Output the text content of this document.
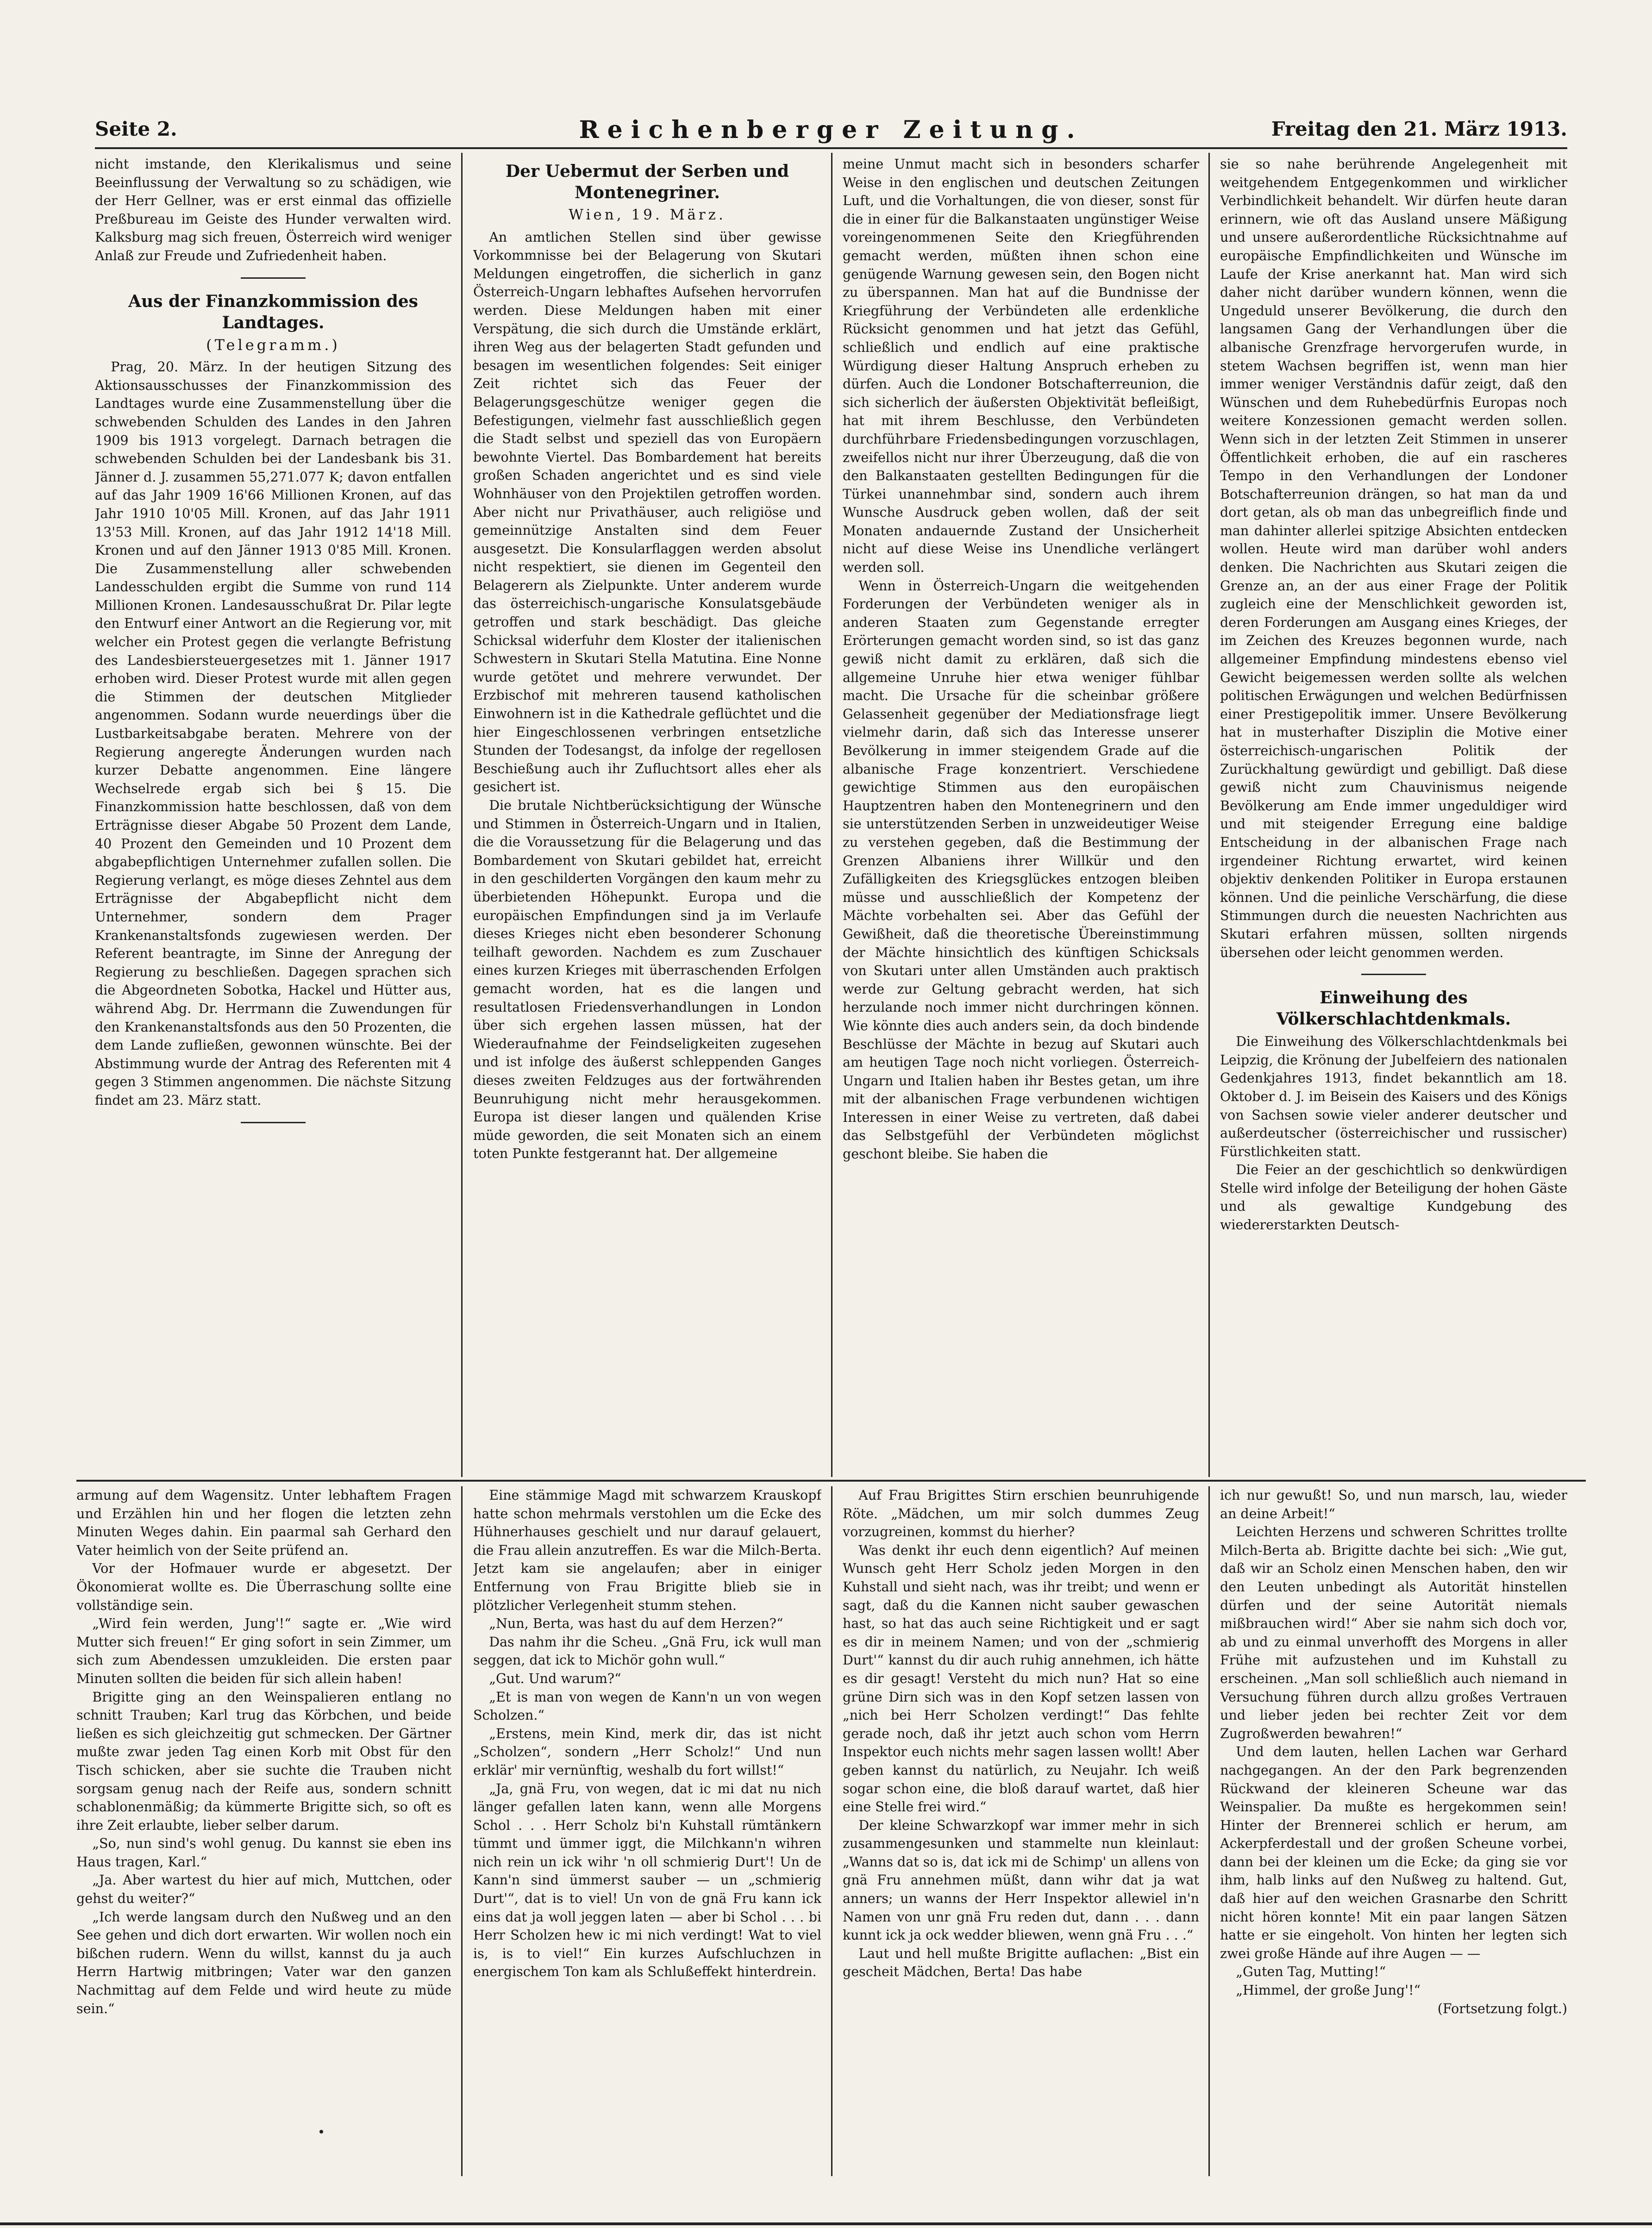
Seite 2.	Reichenberger Zeitung.	Freitag den 21. März 1913.

nicht imstande, den Klerikalismus und seine Beeinflussung der Verwaltung so zu schädigen, wie der Herr Gellner, was er erst einmal das offizielle Preßbureau im Geiste des Hunder verwalten wird. Kalksburg mag sich freuen, Österreich wird weniger Anlaß zur Freude und Zufriedenheit haben.

Aus der Finanzkommission des Landtages.
(Telegramm.)

Prag, 20. März. In der heutigen Sitzung des Aktionsausschusses der Finanzkommission des Landtages wurde eine Zusammenstellung über die schwebenden Schulden des Landes in den Jahren 1909 bis 1913 vorgelegt. Darnach betragen die schwebenden Schulden bei der Landesbank bis 31. Jänner d. J. zusammen 55,271.077 K; davon entfallen auf das Jahr 1909 16'66 Millionen Kronen, auf das Jahr 1910 10'05 Mill. Kronen, auf das Jahr 1911 13'53 Mill. Kronen, auf das Jahr 1912 14'18 Mill. Kronen und auf den Jänner 1913 0'85 Mill. Kronen. Die Zusammenstellung aller schwebenden Landesschulden ergibt die Summe von rund 114 Millionen Kronen. Landesausschußrat Dr. Pilar legte den Entwurf einer Antwort an die Regierung vor, mit welcher ein Protest gegen die verlangte Befristung des Landesbiersteuergesetzes mit 1. Jänner 1917 erhoben wird. Dieser Protest wurde mit allen gegen die Stimmen der deutschen Mitglieder angenommen. Sodann wurde neuerdings über die Lustbarkeitsabgabe beraten. Mehrere von der Regierung angeregte Änderungen wurden nach kurzer Debatte angenommen. Eine längere Wechselrede ergab sich bei § 15. Die Finanzkommission hatte beschlossen, daß von dem Erträgnisse dieser Abgabe 50 Prozent dem Lande, 40 Prozent den Gemeinden und 10 Prozent dem abgabepflichtigen Unternehmer zufallen sollen. Die Regierung verlangt, es möge dieses Zehntel aus dem Erträgnisse der Abgabepflicht nicht dem Unternehmer, sondern dem Prager Krankenanstaltsfonds zugewiesen werden. Der Referent beantragte, im Sinne der Anregung der Regierung zu beschließen. Dagegen sprachen sich die Abgeordneten Sobotka, Hackel und Hütter aus, während Abg. Dr. Herrmann die Zuwendungen für den Krankenanstaltsfonds aus den 50 Prozenten, die dem Lande zufließen, gewonnen wünschte. Bei der Abstimmung wurde der Antrag des Referenten mit 4 gegen 3 Stimmen angenommen. Die nächste Sitzung findet am 23. März statt.

Der Uebermut der Serben und Montenegriner.
Wien, 19. März.

An amtlichen Stellen sind über gewisse Vorkommnisse bei der Belagerung von Skutari Meldungen eingetroffen, die sicherlich in ganz Österreich-Ungarn lebhaftes Aufsehen hervorrufen werden. Diese Meldungen haben mit einer Verspätung, die sich durch die Umstände erklärt, ihren Weg aus der belagerten Stadt gefunden und besagen im wesentlichen folgendes: Seit einiger Zeit richtet sich das Feuer der Belagerungsgeschütze weniger gegen die Befestigungen, vielmehr fast ausschließlich gegen die Stadt selbst und speziell das von Europäern bewohnte Viertel. Das Bombardement hat bereits großen Schaden angerichtet und es sind viele Wohnhäuser von den Projektilen getroffen worden. Aber nicht nur Privathäuser, auch religiöse und gemeinnützige Anstalten sind dem Feuer ausgesetzt. Die Konsularflaggen werden absolut nicht respektiert, sie dienen im Gegenteil den Belagerern als Zielpunkte. Unter anderem wurde das österreichisch-ungarische Konsulatsgebäude getroffen und stark beschädigt. Das gleiche Schicksal widerfuhr dem Kloster der italienischen Schwestern in Skutari Stella Matutina. Eine Nonne wurde getötet und mehrere verwundet. Der Erzbischof mit mehreren tausend katholischen Einwohnern ist in die Kathedrale geflüchtet und die hier Eingeschlossenen verbringen entsetzliche Stunden der Todesangst, da infolge der regellosen Beschießung auch ihr Zufluchtsort alles eher als gesichert ist.

Die brutale Nichtberücksichtigung der Wünsche und Stimmen in Österreich-Ungarn und in Italien, die die Voraussetzung für die Belagerung und das Bombardement von Skutari gebildet hat, erreicht in den geschilderten Vorgängen den kaum mehr zu überbietenden Höhepunkt. Europa und die europäischen Empfindungen sind ja im Verlaufe dieses Krieges nicht eben besonderer Schonung teilhaft geworden. Nachdem es zum Zuschauer eines kurzen Krieges mit überraschenden Erfolgen gemacht worden, hat es die langen und resultatlosen Friedensverhandlungen in London über sich ergehen lassen müssen, hat der Wiederaufnahme der Feindseligkeiten zugesehen und ist infolge des äußerst schleppenden Ganges dieses zweiten Feldzuges aus der fortwährenden Beunruhigung nicht mehr herausgekommen. Europa ist dieser langen und quälenden Krise müde geworden, die seit Monaten sich an einem toten Punkte festgerannt hat. Der allgemeine

meine Unmut macht sich in besonders scharfer Weise in den englischen und deutschen Zeitungen Luft, und die Vorhaltungen, die von dieser, sonst für die in einer für die Balkanstaaten ungünstiger Weise voreingenommenen Seite den Kriegführenden gemacht werden, müßten ihnen schon eine genügende Warnung gewesen sein, den Bogen nicht zu überspannen. Man hat auf die Bundnisse der Kriegführung der Verbündeten alle erdenkliche Rücksicht genommen und hat jetzt das Gefühl, schließlich und endlich auf eine praktische Würdigung dieser Haltung Anspruch erheben zu dürfen. Auch die Londoner Botschafterreunion, die sich sicherlich der äußersten Objektivität befleißigt, hat mit ihrem Beschlusse, den Verbündeten durchführbare Friedensbedingungen vorzuschlagen, zweifellos nicht nur ihrer Überzeugung, daß die von den Balkanstaaten gestellten Bedingungen für die Türkei unannehmbar sind, sondern auch ihrem Wunsche Ausdruck geben wollen, daß der seit Monaten andauernde Zustand der Unsicherheit nicht auf diese Weise ins Unendliche verlängert werden soll.

Wenn in Österreich-Ungarn die weitgehenden Forderungen der Verbündeten weniger als in anderen Staaten zum Gegenstande erregter Erörterungen gemacht worden sind, so ist das ganz gewiß nicht damit zu erklären, daß sich die allgemeine Unruhe hier etwa weniger fühlbar macht. Die Ursache für die scheinbar größere Gelassenheit gegenüber der Mediationsfrage liegt vielmehr darin, daß sich das Interesse unserer Bevölkerung in immer steigendem Grade auf die albanische Frage konzentriert. Verschiedene gewichtige Stimmen aus den europäischen Hauptzentren haben den Montenegrinern und den sie unterstützenden Serben in unzweideutiger Weise zu verstehen gegeben, daß die Bestimmung der Grenzen Albaniens ihrer Willkür und den Zufälligkeiten des Kriegsglückes entzogen bleiben müsse und ausschließlich der Kompetenz der Mächte vorbehalten sei. Aber das Gefühl der Gewißheit, daß die theoretische Übereinstimmung der Mächte hinsichtlich des künftigen Schicksals von Skutari unter allen Umständen auch praktisch werde zur Geltung gebracht werden, hat sich herzulande noch immer nicht durchringen können. Wie könnte dies auch anders sein, da doch bindende Beschlüsse der Mächte in bezug auf Skutari auch am heutigen Tage noch nicht vorliegen. Österreich-Ungarn und Italien haben ihr Bestes getan, um ihre mit der albanischen Frage verbundenen wichtigen Interessen in einer Weise zu vertreten, daß dabei das Selbstgefühl der Verbündeten möglichst geschont bleibe. Sie haben die

sie so nahe berührende Angelegenheit mit weitgehendem Entgegenkommen und wirklicher Verbindlichkeit behandelt. Wir dürfen heute daran erinnern, wie oft das Ausland unsere Mäßigung und unsere außerordentliche Rücksichtnahme auf europäische Empfindlichkeiten und Wünsche im Laufe der Krise anerkannt hat. Man wird sich daher nicht darüber wundern können, wenn die Ungeduld unserer Bevölkerung, die durch den langsamen Gang der Verhandlungen über die albanische Grenzfrage hervorgerufen wurde, in stetem Wachsen begriffen ist, wenn man hier immer weniger Verständnis dafür zeigt, daß den Wünschen und dem Ruhebedürfnis Europas noch weitere Konzessionen gemacht werden sollen. Wenn sich in der letzten Zeit Stimmen in unserer Öffentlichkeit erhoben, die auf ein rascheres Tempo in den Verhandlungen der Londoner Botschafterreunion drängen, so hat man da und dort getan, als ob man das unbegreiflich finde und man dahinter allerlei spitzige Absichten entdecken wollen. Heute wird man darüber wohl anders denken. Die Nachrichten aus Skutari zeigen die Grenze an, an der aus einer Frage der Politik zugleich eine der Menschlichkeit geworden ist, deren Forderungen am Ausgang eines Krieges, der im Zeichen des Kreuzes begonnen wurde, nach allgemeiner Empfindung mindestens ebenso viel Gewicht beigemessen werden sollte als welchen politischen Erwägungen und welchen Bedürfnissen einer Prestigepolitik immer. Unsere Bevölkerung hat in musterhafter Disziplin die Motive einer österreichisch-ungarischen Politik der Zurückhaltung gewürdigt und gebilligt. Daß diese gewiß nicht zum Chauvinismus neigende Bevölkerung am Ende immer ungeduldiger wird und mit steigender Erregung eine baldige Entscheidung in der albanischen Frage nach irgendeiner Richtung erwartet, wird keinen objektiv denkenden Politiker in Europa erstaunen können. Und die peinliche Verschärfung, die diese Stimmungen durch die neuesten Nachrichten aus Skutari erfahren müssen, sollten nirgends übersehen oder leicht genommen werden.

Einweihung des Völkerschlachtdenkmals.

Die Einweihung des Völkerschlachtdenkmals bei Leipzig, die Krönung der Jubelfeiern des nationalen Gedenkjahres 1913, findet bekanntlich am 18. Oktober d. J. im Beisein des Kaisers und des Königs von Sachsen sowie vieler anderer deutscher und außerdeutscher (österreichischer und russischer) Fürstlichkeiten statt.

Die Feier an der geschichtlich so denkwürdigen Stelle wird infolge der Beteiligung der hohen Gäste und als gewaltige Kundgebung des wiedererstarkten Deutsch-

armung auf dem Wagensitz. Unter lebhaftem Fragen und Erzählen hin und her flogen die letzten zehn Minuten Weges dahin. Ein paarmal sah Gerhard den Vater heimlich von der Seite prüfend an.

Vor der Hofmauer wurde er abgesetzt. Der Ökonomierat wollte es. Die Überraschung sollte eine vollständige sein.

„Wird fein werden, Jung'!“ sagte er. „Wie wird Mutter sich freuen!“ Er ging sofort in sein Zimmer, um sich zum Abendessen umzukleiden. Die ersten paar Minuten sollten die beiden für sich allein haben!

Brigitte ging an den Weinspalieren entlang no schnitt Trauben; Karl trug das Körbchen, und beide ließen es sich gleichzeitig gut schmecken. Der Gärtner mußte zwar jeden Tag einen Korb mit Obst für den Tisch schicken, aber sie suchte die Trauben nicht sorgsam genug nach der Reife aus, sondern schnitt schablonenmäßig; da kümmerte Brigitte sich, so oft es ihre Zeit erlaubte, lieber selber darum.

„So, nun sind's wohl genug. Du kannst sie eben ins Haus tragen, Karl.“

„Ja. Aber wartest du hier auf mich, Muttchen, oder gehst du weiter?“

„Ich werde langsam durch den Nußweg und an den See gehen und dich dort erwarten. Wir wollen noch ein bißchen rudern. Wenn du willst, kannst du ja auch Herrn Hartwig mitbringen; Vater war den ganzen Nachmittag auf dem Felde und wird heute zu müde sein.“

Eine stämmige Magd mit schwarzem Krauskopf hatte schon mehrmals verstohlen um die Ecke des Hühnerhauses geschielt und nur darauf gelauert, die Frau allein anzutreffen. Es war die Milch-Berta. Jetzt kam sie angelaufen; aber in einiger Entfernung von Frau Brigitte blieb sie in plötzlicher Verlegenheit stumm stehen.

„Nun, Berta, was hast du auf dem Herzen?“

Das nahm ihr die Scheu. „Gnä Fru, ick wull man seggen, dat ick to Michör gohn wull.“

„Gut. Und warum?“

„Et is man von wegen de Kann'n un von wegen Scholzen.“

„Erstens, mein Kind, merk dir, das ist nicht „Scholzen“, sondern „Herr Scholz!“ Und nun erklär' mir vernünftig, weshalb du fort willst!“

„Ja, gnä Fru, von wegen, dat ic mi dat nu nich länger gefallen laten kann, wenn alle Morgens Schol . . . Herr Scholz bi'n Kuhstall rümtänkern tümmt und ümmer iggt, die Milchkann'n wihren nich rein un ick wihr 'n oll schmierig Durt'! Un de Kann'n sind ümmerst sauber — un „schmierig Durt'“, dat is to viel! Un von de gnä Fru kann ick eins dat ja woll jeggen laten — aber bi Schol . . . bi Herr Scholzen hew ic mi nich verdingt! Wat to viel is, is to viel!“ Ein kurzes Aufschluchzen in energischem Ton kam als Schlußeffekt hinterdrein.

Auf Frau Brigittes Stirn erschien beunruhigende Röte. „Mädchen, um mir solch dummes Zeug vorzugreinen, kommst du hierher?

Was denkt ihr euch denn eigentlich? Auf meinen Wunsch geht Herr Scholz jeden Morgen in den Kuhstall und sieht nach, was ihr treibt; und wenn er sagt, daß du die Kannen nicht sauber gewaschen hast, so hat das auch seine Richtigkeit und er sagt es dir in meinem Namen; und von der „schmierig Durt'“ kannst du dir auch ruhig annehmen, ich hätte es dir gesagt! Versteht du mich nun? Hat so eine grüne Dirn sich was in den Kopf setzen lassen von „nich bei Herr Scholzen verdingt!“ Das fehlte gerade noch, daß ihr jetzt auch schon vom Herrn Inspektor euch nichts mehr sagen lassen wollt! Aber geben kannst du natürlich, zu Neujahr. Ich weiß sogar schon eine, die bloß darauf wartet, daß hier eine Stelle frei wird.“

Der kleine Schwarzkopf war immer mehr in sich zusammengesunken und stammelte nun kleinlaut: „Wanns dat so is, dat ick mi de Schimp' un allens von gnä Fru annehmen müßt, dann wihr dat ja wat anners; un wanns der Herr Inspektor allewiel in'n Namen von unr gnä Fru reden dut, dann . . . dann kunnt ick ja ock wedder bliewen, wenn gnä Fru . . .“

Laut und hell mußte Brigitte auflachen: „Bist ein gescheit Mädchen, Berta! Das habe

ich nur gewußt! So, und nun marsch, lau, wieder an deine Arbeit!“

Leichten Herzens und schweren Schrittes trollte Milch-Berta ab. Brigitte dachte bei sich: „Wie gut, daß wir an Scholz einen Menschen haben, den wir den Leuten unbedingt als Autorität hinstellen dürfen und der seine Autorität niemals mißbrauchen wird!“ Aber sie nahm sich doch vor, ab und zu einmal unverhofft des Morgens in aller Frühe mit aufzustehen und im Kuhstall zu erscheinen. „Man soll schließlich auch niemand in Versuchung führen durch allzu großes Vertrauen und lieber jeden bei rechter Zeit vor dem Zugroßwerden bewahren!“

Und dem lauten, hellen Lachen war Gerhard nachgegangen. An der den Park begrenzenden Rückwand der kleineren Scheune war das Weinspalier. Da mußte es hergekommen sein! Hinter der Brennerei schlich er herum, am Ackerpferdestall und der großen Scheune vorbei, dann bei der kleinen um die Ecke; da ging sie vor ihm, halb links auf den Nußweg zu haltend. Gut, daß hier auf den weichen Grasnarbe den Schritt nicht hören konnte! Mit ein paar langen Sätzen hatte er sie eingeholt. Von hinten her legten sich zwei große Hände auf ihre Augen — —

„Guten Tag, Mutting!“

„Himmel, der große Jung'!“

(Fortsetzung folgt.)
